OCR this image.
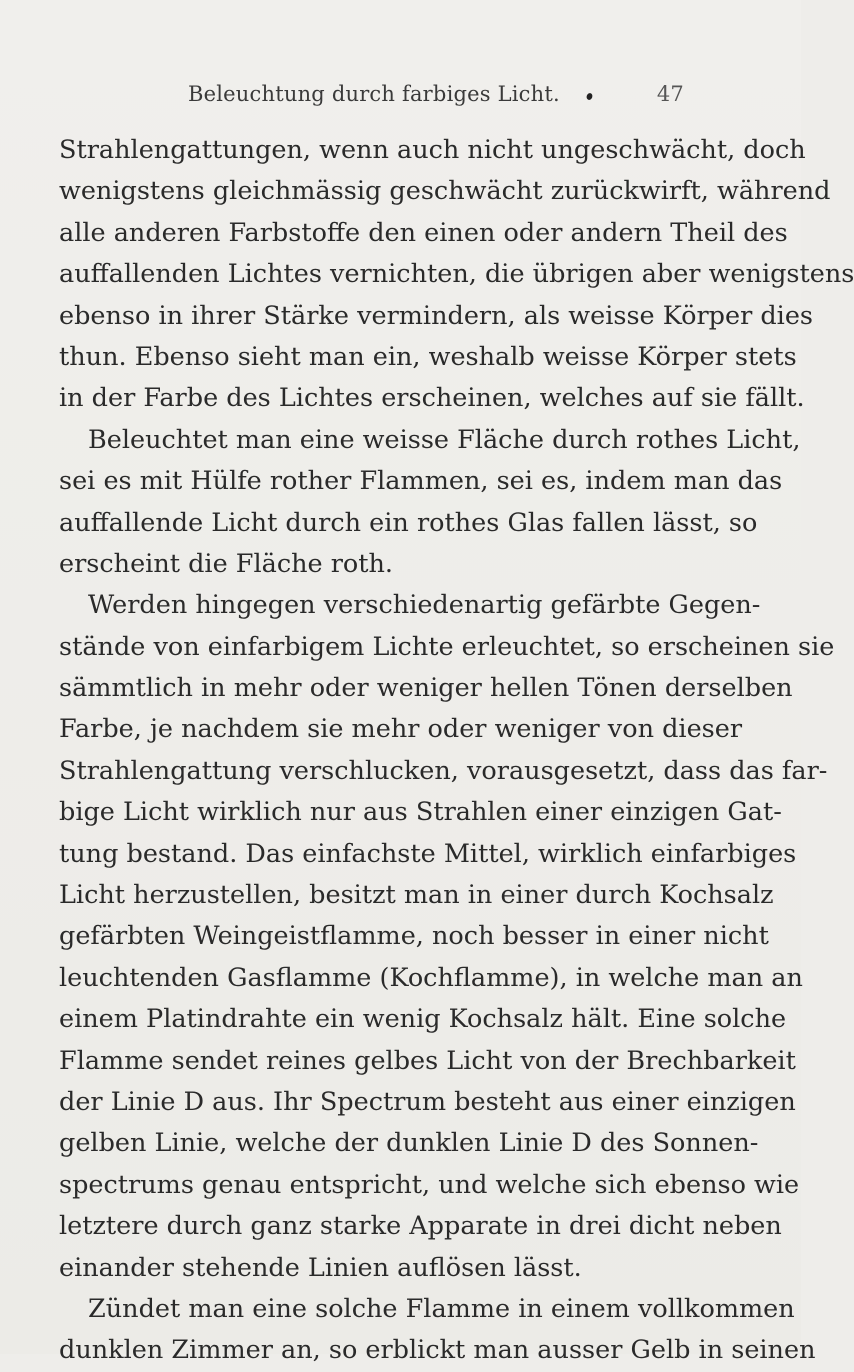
Beleuchtung durch farbiges Licht.	47
Strahlengattungen, wenn auch nicht ungeschwächt, doch
wenigstens gleichmässig geschwächt zurückwirft, während
alle anderen Farbstoffe den einen oder andern Theil des
auffallenden Lichtes vernichten, die übrigen aber wenigstens
ebenso in ihrer Stärke vermindern, als weisse Körper dies
thun. Ebenso sieht man ein, weshalb weisse Körper stets
in der Farbe des Lichtes erscheinen, welches auf sie fällt.
Beleuchtet man eine weisse Fläche durch rothes Licht,
sei es mit Hülfe rother Flammen, sei es, indem man das
auffallende Licht durch ein rothes Glas fallen lässt, so
erscheint die Fläche roth.
Werden hingegen verschiedenartig gefärbte Gegen-
stände von einfarbigem Lichte erleuchtet, so erscheinen sie
sämmtlich in mehr oder weniger hellen Tönen derselben
Farbe, je nachdem sie mehr oder weniger von dieser
Strahlengattung verschlucken, vorausgesetzt, dass das far-
bige Licht wirklich nur aus Strahlen einer einzigen Gat-
tung bestand. Das einfachste Mittel, wirklich einfarbiges
Licht herzustellen, besitzt man in einer durch Kochsalz
gefärbten Weingeistflamme, noch besser in einer nicht
leuchtenden Gasflamme (Kochflamme), in welche man an
einem Platindrahte ein wenig Kochsalz hält. Eine solche
Flamme sendet reines gelbes Licht von der Brechbarkeit
der Linie D aus. Ihr Spectrum besteht aus einer einzigen
gelben Linie, welche der dunklen Linie D des Sonnen-
spectrums genau entspricht, und welche sich ebenso wie
letztere durch ganz starke Apparate in drei dicht neben
einander stehende Linien auflösen lässt.
Zündet man eine solche Flamme in einem vollkommen
dunklen Zimmer an, so erblickt man ausser Gelb in seinen
